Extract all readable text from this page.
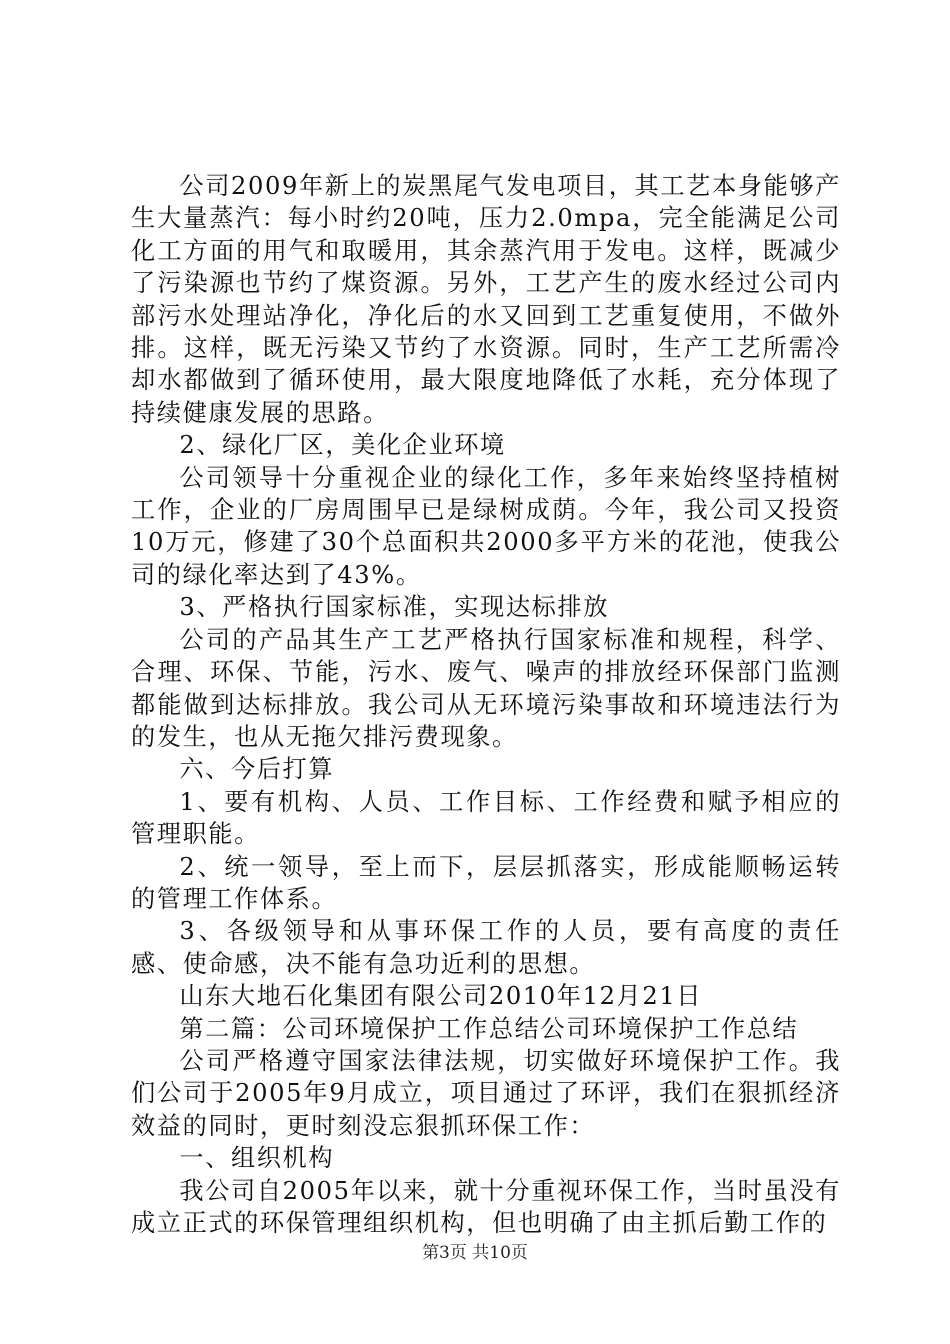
公司2009年新上的炭黑尾气发电项目，其工艺本身能够产生大量蒸汽：每小时约20吨，压力2.0mpa，完全能满足公司化工方面的用气和取暖用，其余蒸汽用于发电。这样，既减少了污染源也节约了煤资源。另外，工艺产生的废水经过公司内部污水处理站净化，净化后的水又回到工艺重复使用，不做外排。这样，既无污染又节约了水资源。同时，生产工艺所需冷却水都做到了循环使用，最大限度地降低了水耗，充分体现了持续健康发展的思路。

2、绿化厂区，美化企业环境

公司领导十分重视企业的绿化工作，多年来始终坚持植树工作，企业的厂房周围早已是绿树成荫。今年，我公司又投资10万元，修建了30个总面积共2000多平方米的花池，使我公司的绿化率达到了43%。

3、严格执行国家标准，实现达标排放

公司的产品其生产工艺严格执行国家标准和规程，科学、合理、环保、节能，污水、废气、噪声的排放经环保部门监测都能做到达标排放。我公司从无环境污染事故和环境违法行为的发生，也从无拖欠排污费现象。

六、今后打算

1、要有机构、人员、工作目标、工作经费和赋予相应的管理职能。

2、统一领导，至上而下，层层抓落实，形成能顺畅运转的管理工作体系。

3、各级领导和从事环保工作的人员，要有高度的责任感、使命感，决不能有急功近利的思想。

山东大地石化集团有限公司2010年12月21日

第二篇：公司环境保护工作总结公司环境保护工作总结

公司严格遵守国家法律法规，切实做好环境保护工作。我们公司于2005年9月成立，项目通过了环评，我们在狠抓经济效益的同时，更时刻没忘狠抓环保工作：

一、组织机构

我公司自2005年以来，就十分重视环保工作，当时虽没有成立正式的环保管理组织机构，但也明确了由主抓后勤工作的

第3页 共10页
